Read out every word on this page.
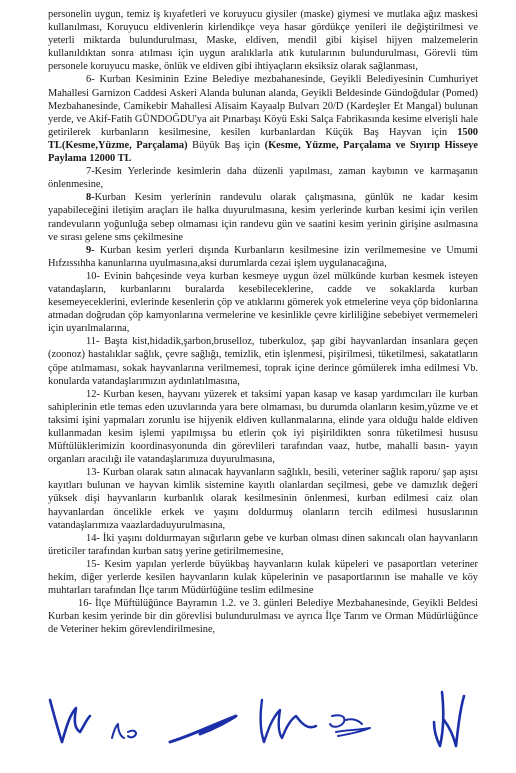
personelin uygun, temiz iş kıyafetleri ve koruyucu giysiler (maske) giymesi ve mutlaka ağız maskesi kullanılması, Koruyucu eldivenlerin kirlendikçe veya hasar gördükçe yenileri ile değiştirilmesi ve yeterli miktarda bulundurulması, Maske, eldiven, mendil gibi kişisel hijyen malzemelerin kullanıldıktan sonra atılması için uygun aralıklarla atık kutularının bulundurulması, Görevli tüm personele koruyucu maske, önlük ve eldiven gibi ihtiyaçların eksiksiz olarak sağlanması,

6- Kurban Kesiminin Ezine Belediye mezbahanesinde, Geyikli Belediyesinin Cumhuriyet Mahallesi Garnizon Caddesi Askeri Alanda bulunan alanda, Geyikli Beldesinde Gündoğdular (Pomed) Mezbahanesinde, Camikebir Mahallesi Alisaim Kayaalp Bulvarı 20/D (Kardeşler Et Mangal) bulunan yerde, ve Akif-Fatih GÜNDOĞDU'ya ait Pınarbaşı Köyü Eski Salça Fabrikasında kesime elverişli hale getirilerek kurbanların kesilmesine, kesilen kurbanlardan Küçük Baş Hayvan için 1500 TL(Kesme,Yüzme, Parçalama) Büyük Baş için (Kesme, Yüzme, Parçalama ve Sıyırıp Hisseye Paylama 12000 TL

7-Kesim Yerlerinde kesimlerin daha düzenli yapılması, zaman kaybının ve karmaşanın önlenmesine,

8-Kurban Kesim yerlerinin randevulu olarak çalışmasına, günlük ne kadar kesim yapabileceğini iletişim araçları ile halka duyurulmasına, kesim yerlerinde kurban kesimi için verilen randevuların yoğunluğa sebep olmaması için randevu gün ve saatini kesim yerinin girişine asılmasına ve sırası gelene sms çekilmesine

9- Kurban kesim yerleri dışında Kurbanların kesilmesine izin verilmemesine ve Umumi Hıfzıssıhha kanunlarına uyulmasına,aksi durumlarda cezai işlem uygulanacağına,

10- Evinin bahçesinde veya kurban kesmeye uygun özel mülkünde kurban kesmek isteyen vatandaşların, kurbanlarını buralarda kesebileceklerine, cadde ve sokaklarda kurban kesemeyeceklerini, evlerinde kesenlerin çöp ve atıklarını gömerek yok etmelerine veya çöp bidonlarına atmadan doğrudan çöp kamyonlarına vermelerine ve kesinlikle çevre kirliliğine sebebiyet vermemeleri için uyarılmalarına,

11- Başta kist,hidadik,şarbon,bruselloz, tuberkuloz, şap gibi hayvanlardan insanlara geçen (zoonoz) hastalıklar sağlık, çevre sağlığı, temizlik, etin işlenmesi, pişirilmesi, tüketilmesi, sakatatların çöpe atılmaması, sokak hayvanlarına verilmemesi, toprak içine derince gömülerek imha edilmesi Vb. konularda vatandaşlarımızın aydınlatılmasına,

12- Kurban kesen, hayvanı yüzerek et taksimi yapan kasap ve kasap yardımcıları ile kurban sahiplerinin etle temas eden uzuvlarında yara bere olmaması, bu durumda olanların kesim,yüzme ve et taksimi işini yapmaları zorunlu ise hijyenik eldiven kullanmalarına, elinde yara olduğu halde eldiven kullanmadan kesim işlemi yapılmışsa bu etlerin çok iyi pişirildikten sonra tüketilmesi hususu Müftülüklerimizin koordinasyonunda din görevlileri tarafından vaaz, hutbe, mahalli basın- yayın organları aracılığı ile vatandaşlarımıza duyurulmasına,

13- Kurban olarak satın alınacak hayvanların sağlıklı, besili, veteriner sağlık raporu/ şap aşısı kayıtları bulunan ve hayvan kimlik sistemine kayıtlı olanlardan seçilmesi, gebe ve damızlık değeri yüksek dişi hayvanların kurbanlık olarak kesilmesinin önlenmesi, kurban edilmesi caiz olan hayvanlardan öncelikle erkek ve yaşını doldurmuş olanların tercih edilmesi hususlarının vatandaşlarımıza vaazlardaduyurulmasına,

14- İki yaşını doldurmayan sığırların gebe ve kurban olması dinen sakıncalı olan hayvanların üreticiler tarafından kurban satış yerine getirilmemesine,

15- Kesim yapılan yerlerde büyükbaş hayvanların kulak küpeleri ve pasaportları veteriner hekim, diğer yerlerde kesilen hayvanların kulak küpelerinin ve pasaportlarının ise mahalle ve köy muhtarları tarafından İlçe tarım Müdürlüğüne teslim edilmesine

16- İlçe Müftülüğünce Bayramın 1.2. ve 3. günleri Belediye Mezbahanesinde, Geyikli Beldesi Kurban kesim yerinde bir din görevlisi bulundurulması ve ayrıca İlçe Tarım ve Orman Müdürlüğünce de Veteriner hekim görevlendirilmesine,
